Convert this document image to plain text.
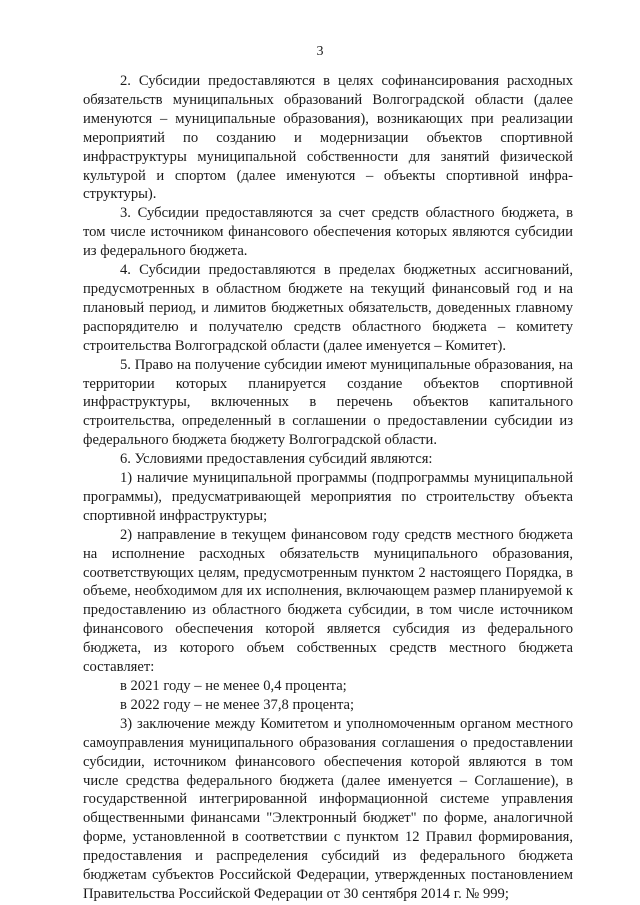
3

2. Субсидии предоставляются в целях софинансирования расходных обязательств муниципальных образований Волгоградской области (далее именуются – муниципальные образования), возникающих при реализации мероприятий по созданию и модернизации объектов спортивной инфраструктуры муниципальной собственности для занятий физической культурой и спортом (далее именуются – объекты спортивной инфраструктуры).

3. Субсидии предоставляются за счет средств областного бюджета, в том числе источником финансового обеспечения которых являются субсидии из федерального бюджета.

4. Субсидии предоставляются в пределах бюджетных ассигнований, предусмотренных в областном бюджете на текущий финансовый год и на плановый период, и лимитов бюджетных обязательств, доведенных главному распорядителю и получателю средств областного бюджета – комитету строительства Волгоградской области (далее именуется – Комитет).

5. Право на получение субсидии имеют муниципальные образования, на территории которых планируется создание объектов спортивной инфраструктуры, включенных в перечень объектов капитального строительства, определенный в соглашении о предоставлении субсидии из федерального бюджета бюджету Волгоградской области.

6. Условиями предоставления субсидий являются:

1) наличие муниципальной программы (подпрограммы муниципальной программы), предусматривающей мероприятия по строительству объекта спортивной инфраструктуры;

2) направление в текущем финансовом году средств местного бюджета на исполнение расходных обязательств муниципального образования, соответствующих целям, предусмотренным пунктом 2 настоящего Порядка, в объеме, необходимом для их исполнения, включающем размер планируемой к предоставлению из областного бюджета субсидии, в том числе источником финансового обеспечения которой является субсидия из федерального бюджета, из которого объем собственных средств местного бюджета составляет:

в 2021 году – не менее 0,4 процента;

в 2022 году – не менее 37,8 процента;

3) заключение между Комитетом и уполномоченным органом местного самоуправления муниципального образования соглашения о предоставлении субсидии, источником финансового обеспечения которой являются в том числе средства федерального бюджета (далее именуется – Соглашение), в государственной интегрированной информационной системе управления общественными финансами "Электронный бюджет" по форме, аналогичной форме, установленной в соответствии с пунктом 12 Правил формирования, предоставления и распределения субсидий из федерального бюджета бюджетам субъектов Российской Федерации, утвержденных постановлением Правительства Российской Федерации от 30 сентября 2014 г. № 999;
